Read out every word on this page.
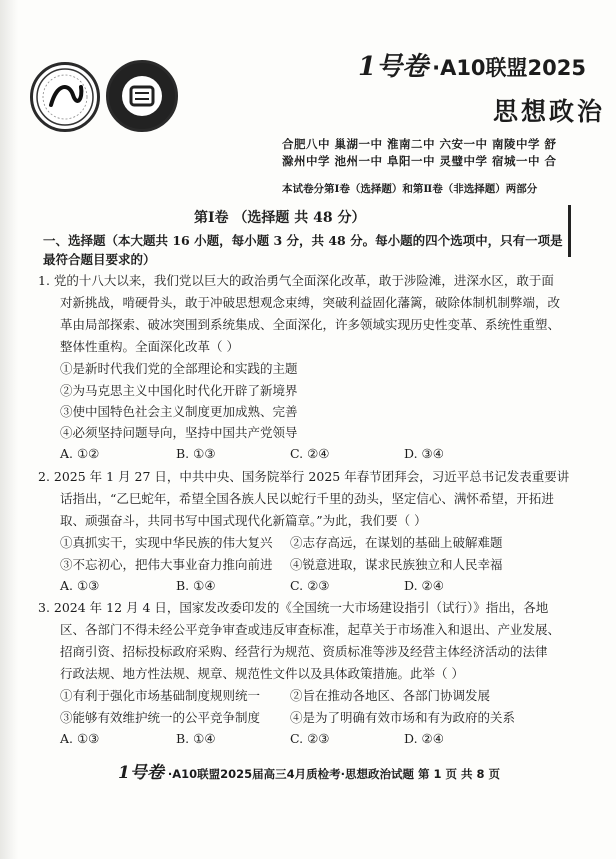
1号卷 ·A10联盟2025
思想政治
合肥八中 巢湖一中 淮南二中 六安一中 南陵中学 舒
滁州中学 池州一中 阜阳一中 灵璧中学 宿城一中 合
本试卷分第Ⅰ卷（选择题）和第Ⅱ卷（非选择题）两部分
第Ⅰ卷 （选择题 共 48 分）
一、选择题（本大题共 16 小题，每小题 3 分，共 48 分。每小题的四个选项中，只有一项是
最符合题目要求的）
1. 党的十八大以来，我们党以巨大的政治勇气全面深化改革，敢于涉险滩，进深水区，敢于面
对新挑战，啃硬骨头，敢于冲破思想观念束缚，突破利益固化藩篱，破除体制机制弊端，改
革由局部探索、破冰突围到系统集成、全面深化，许多领域实现历史性变革、系统性重塑、
整体性重构。全面深化改革（ ）
①是新时代我们党的全部理论和实践的主题
②为马克思主义中国化时代化开辟了新境界
③使中国特色社会主义制度更加成熟、完善
④必须坚持问题导向，坚持中国共产党领导
A. ①②	B. ①③	C. ②④	D. ③④
2. 2025 年 1 月 27 日，中共中央、国务院举行 2025 年春节团拜会，习近平总书记发表重要讲
话指出，“乙巳蛇年，希望全国各族人民以蛇行千里的劲头，坚定信心、满怀希望，开拓进
取、顽强奋斗，共同书写中国式现代化新篇章。”为此，我们要（ ）
①真抓实干，实现中华民族的伟大复兴 ②志存高远，在谋划的基础上破解难题
③不忘初心，把伟大事业奋力推向前进 ④锐意进取，谋求民族独立和人民幸福
A. ①③	B. ①④	C. ②③	D. ②④
3. 2024 年 12 月 4 日，国家发改委印发的《全国统一大市场建设指引（试行）》指出，各地
区、各部门不得未经公平竞争审查或违反审查标准，起草关于市场准入和退出、产业发展、
招商引资、招标投标政府采购、经营行为规范、资质标准等涉及经营主体经济活动的法律
行政法规、地方性法规、规章、规范性文件以及具体政策措施。此举（ ）
①有利于强化市场基础制度规则统一 ②旨在推动各地区、各部门协调发展
③能够有效维护统一的公平竞争制度 ④是为了明确有效市场和有为政府的关系
A. ①③	B. ①④	C. ②③	D. ②④
1号卷 ·A10联盟2025届高三4月质检考·思想政治试题 第 1 页 共 8 页
